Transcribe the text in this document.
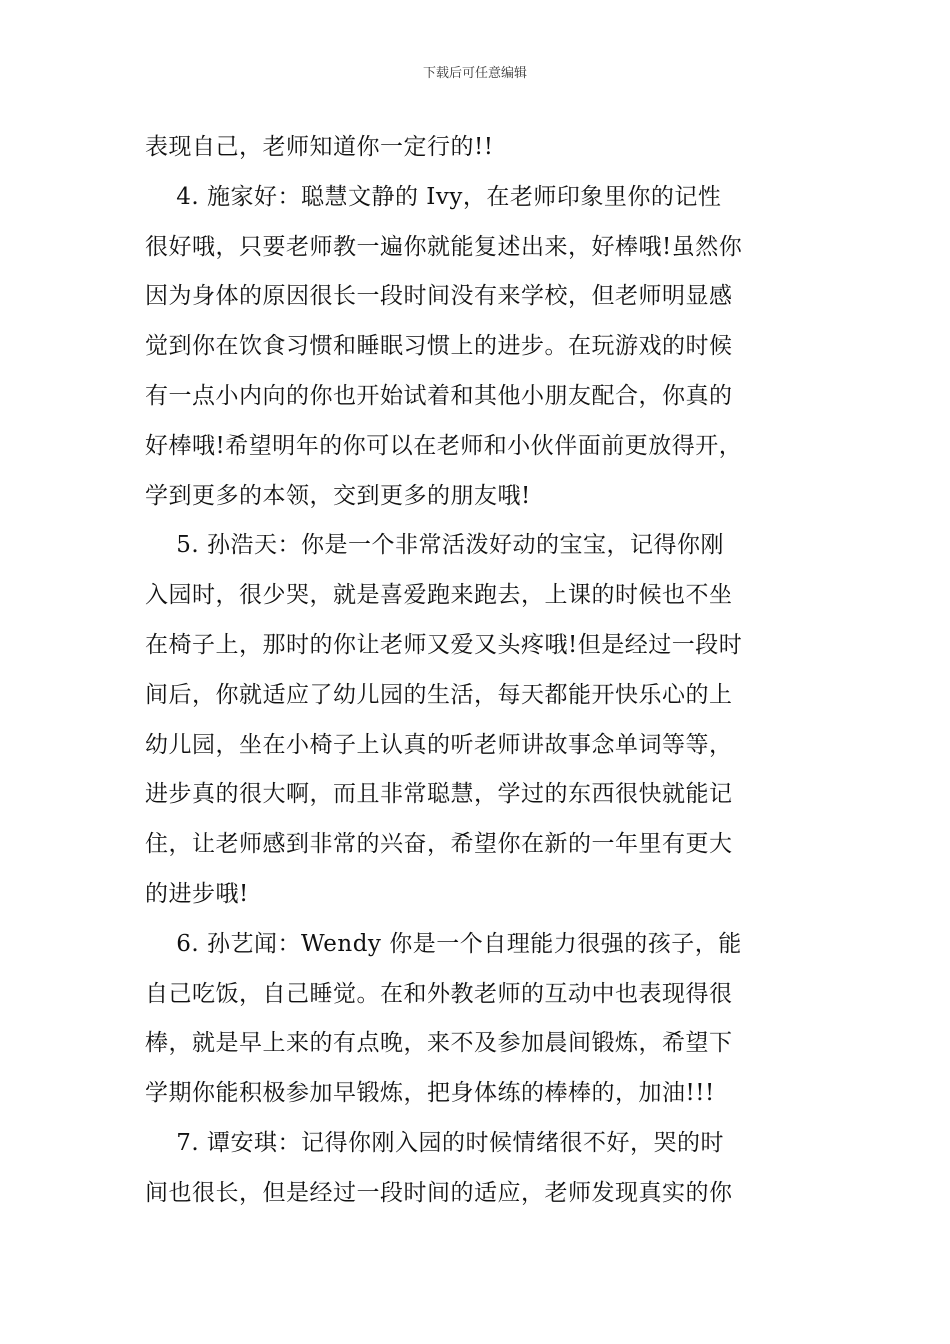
下载后可任意编辑
表现自己，老师知道你一定行的!!
4. 施家好：聪慧文静的 Ivy，在老师印象里你的记性
很好哦，只要老师教一遍你就能复述出来，好棒哦!虽然你
因为身体的原因很长一段时间没有来学校，但老师明显感
觉到你在饮食习惯和睡眠习惯上的进步。在玩游戏的时候
有一点小内向的你也开始试着和其他小朋友配合，你真的
好棒哦!希望明年的你可以在老师和小伙伴面前更放得开，
学到更多的本领，交到更多的朋友哦!
5. 孙浩天：你是一个非常活泼好动的宝宝，记得你刚
入园时，很少哭，就是喜爱跑来跑去，上课的时候也不坐
在椅子上，那时的你让老师又爱又头疼哦!但是经过一段时
间后，你就适应了幼儿园的生活，每天都能开快乐心的上
幼儿园，坐在小椅子上认真的听老师讲故事念单词等等，
进步真的很大啊，而且非常聪慧，学过的东西很快就能记
住，让老师感到非常的兴奋，希望你在新的一年里有更大
的进步哦!
6. 孙艺闻：Wendy 你是一个自理能力很强的孩子，能
自己吃饭，自己睡觉。在和外教老师的互动中也表现得很
棒，就是早上来的有点晚，来不及参加晨间锻炼，希望下
学期你能积极参加早锻炼，把身体练的棒棒的，加油!!!
7. 谭安琪：记得你刚入园的时候情绪很不好，哭的时
间也很长，但是经过一段时间的适应，老师发现真实的你
